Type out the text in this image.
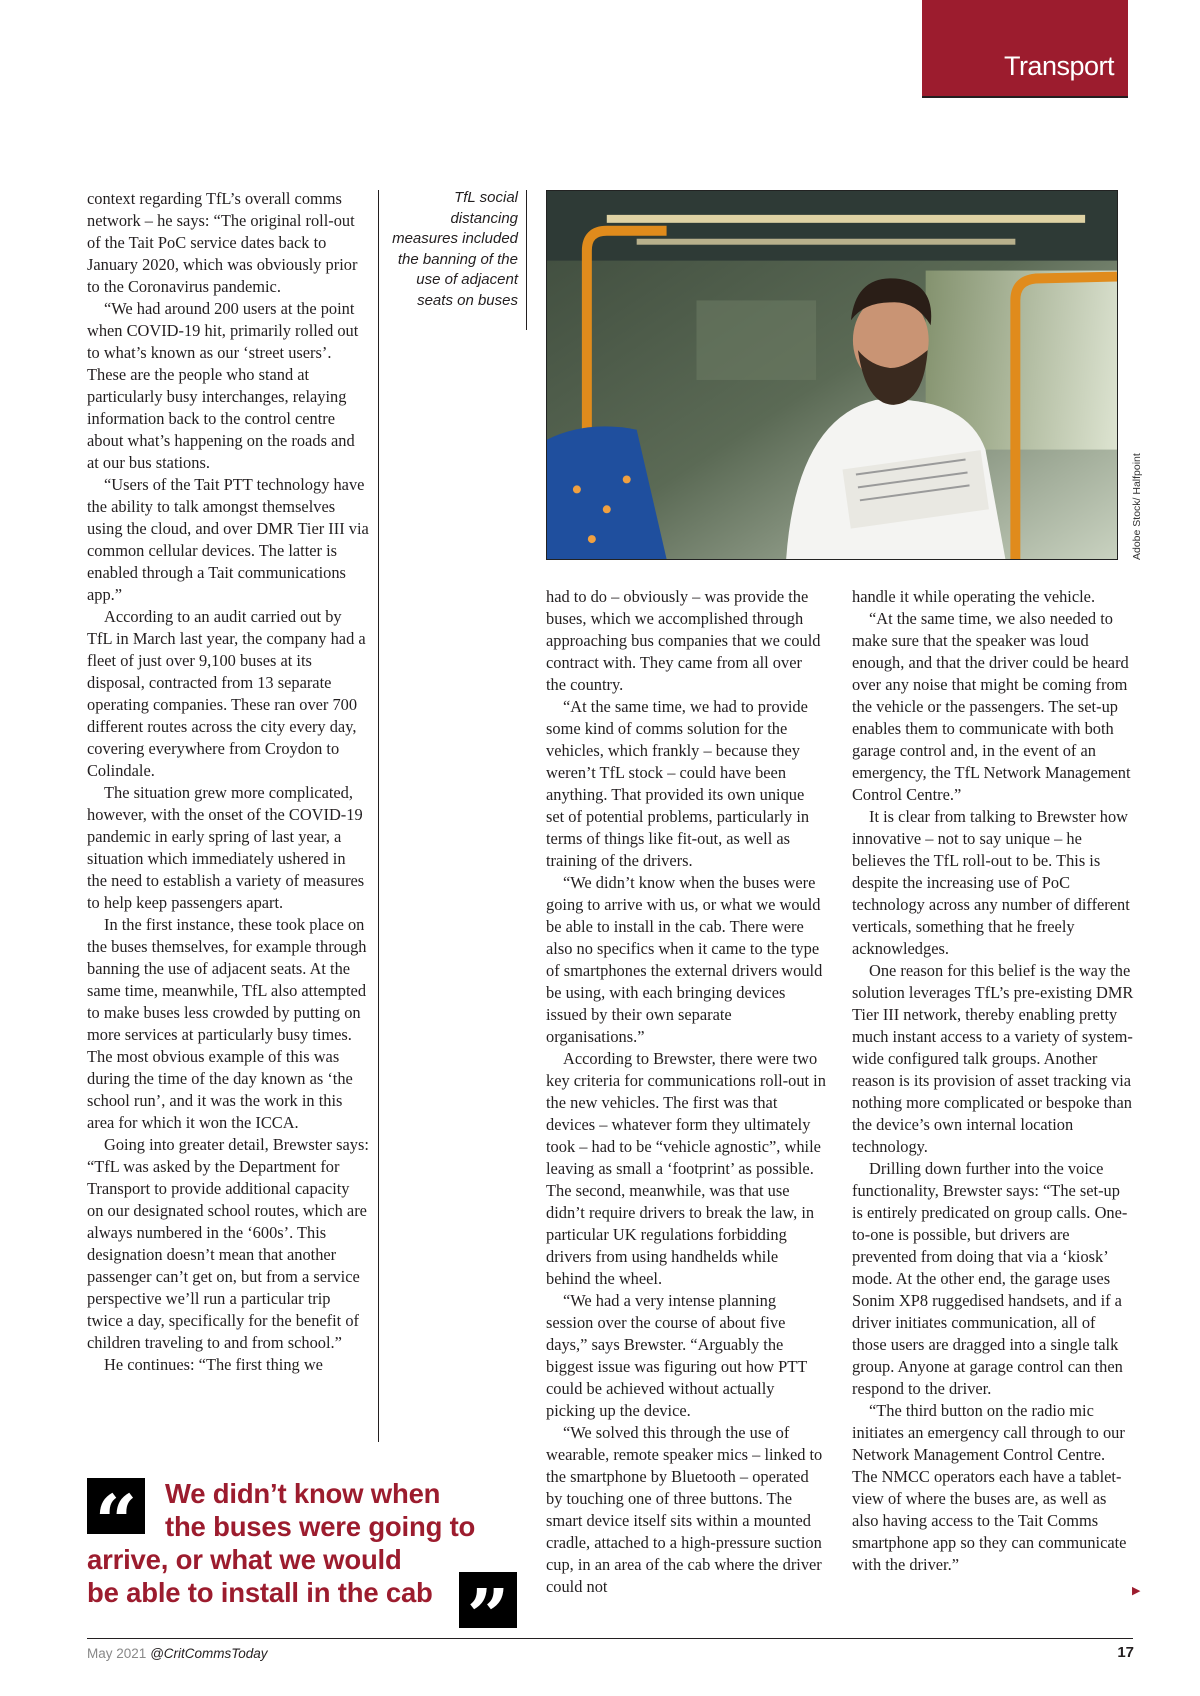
Transport

context regarding TfL’s overall comms network – he says: “The original roll-out of the Tait PoC service dates back to January 2020, which was obviously prior to the Coronavirus pandemic.

“We had around 200 users at the point when COVID-19 hit, primarily rolled out to what’s known as our ‘street users’. These are the people who stand at particularly busy interchanges, relaying information back to the control centre about what’s happening on the roads and at our bus stations.

“Users of the Tait PTT technology have the ability to talk amongst themselves using the cloud, and over DMR Tier III via common cellular devices. The latter is enabled through a Tait communications app.”

According to an audit carried out by TfL in March last year, the company had a fleet of just over 9,100 buses at its disposal, contracted from 13 separate operating companies. These ran over 700 different routes across the city every day, covering everywhere from Croydon to Colindale.

The situation grew more complicated, however, with the onset of the COVID-19 pandemic in early spring of last year, a situation which immediately ushered in the need to establish a variety of measures to help keep passengers apart.

In the first instance, these took place on the buses themselves, for example through banning the use of adjacent seats. At the same time, meanwhile, TfL also attempted to make buses less crowded by putting on more services at particularly busy times. The most obvious example of this was during the time of the day known as ‘the school run’, and it was the work in this area for which it won the ICCA.

Going into greater detail, Brewster says: “TfL was asked by the Department for Transport to provide additional capacity on our designated school routes, which are always numbered in the ‘600s’. This designation doesn’t mean that another passenger can’t get on, but from a service perspective we’ll run a particular trip twice a day, specifically for the benefit of children traveling to and from school.”

He continues: “The first thing we

TfL social distancing measures included the banning of the use of adjacent seats on buses
Adobe Stock/ Halfpoint

had to do – obviously – was provide the buses, which we accomplished through approaching bus companies that we could contract with. They came from all over the country.

“At the same time, we had to provide some kind of comms solution for the vehicles, which frankly – because they weren’t TfL stock – could have been anything. That provided its own unique set of potential problems, particularly in terms of things like fit-out, as well as training of the drivers.

“We didn’t know when the buses were going to arrive with us, or what we would be able to install in the cab. There were also no specifics when it came to the type of smartphones the external drivers would be using, with each bringing devices issued by their own separate organisations.”

According to Brewster, there were two key criteria for communications roll-out in the new vehicles. The first was that devices – whatever form they ultimately took – had to be “vehicle agnostic”, while leaving as small a ‘footprint’ as possible. The second, meanwhile, was that use didn’t require drivers to break the law, in particular UK regulations forbidding drivers from using handhelds while behind the wheel.

“We had a very intense planning session over the course of about five days,” says Brewster. “Arguably the biggest issue was figuring out how PTT could be achieved without actually picking up the device.

“We solved this through the use of wearable, remote speaker mics – linked to the smartphone by Bluetooth – operated by touching one of three buttons. The smart device itself sits within a mounted cradle, attached to a high-pressure suction cup, in an area of the cab where the driver could not

handle it while operating the vehicle.

“At the same time, we also needed to make sure that the speaker was loud enough, and that the driver could be heard over any noise that might be coming from the vehicle or the passengers. The set-up enables them to communicate with both garage control and, in the event of an emergency, the TfL Network Management Control Centre.”

It is clear from talking to Brewster how innovative – not to say unique – he believes the TfL roll-out to be. This is despite the increasing use of PoC technology across any number of different verticals, something that he freely acknowledges.

One reason for this belief is the way the solution leverages TfL’s pre-existing DMR Tier III network, thereby enabling pretty much instant access to a variety of system-wide configured talk groups. Another reason is its provision of asset tracking via nothing more complicated or bespoke than the device’s own internal location technology.

Drilling down further into the voice functionality, Brewster says: “The set-up is entirely predicated on group calls. One-to-one is possible, but drivers are prevented from doing that via a ‘kiosk’ mode. At the other end, the garage uses Sonim XP8 ruggedised handsets, and if a driver initiates communication, all of those users are dragged into a single talk group. Anyone at garage control can then respond to the driver.

“The third button on the radio mic initiates an emergency call through to our Network Management Control Centre. The NMCC operators each have a tablet-view of where the buses are, as well as also having access to the Tait Comms smartphone app so they can communicate with the driver.”

“ We didn’t know when
the buses were going to
arrive, or what we would
be able to install in the cab ”	▶
May 2021 @CritCommsToday	17
